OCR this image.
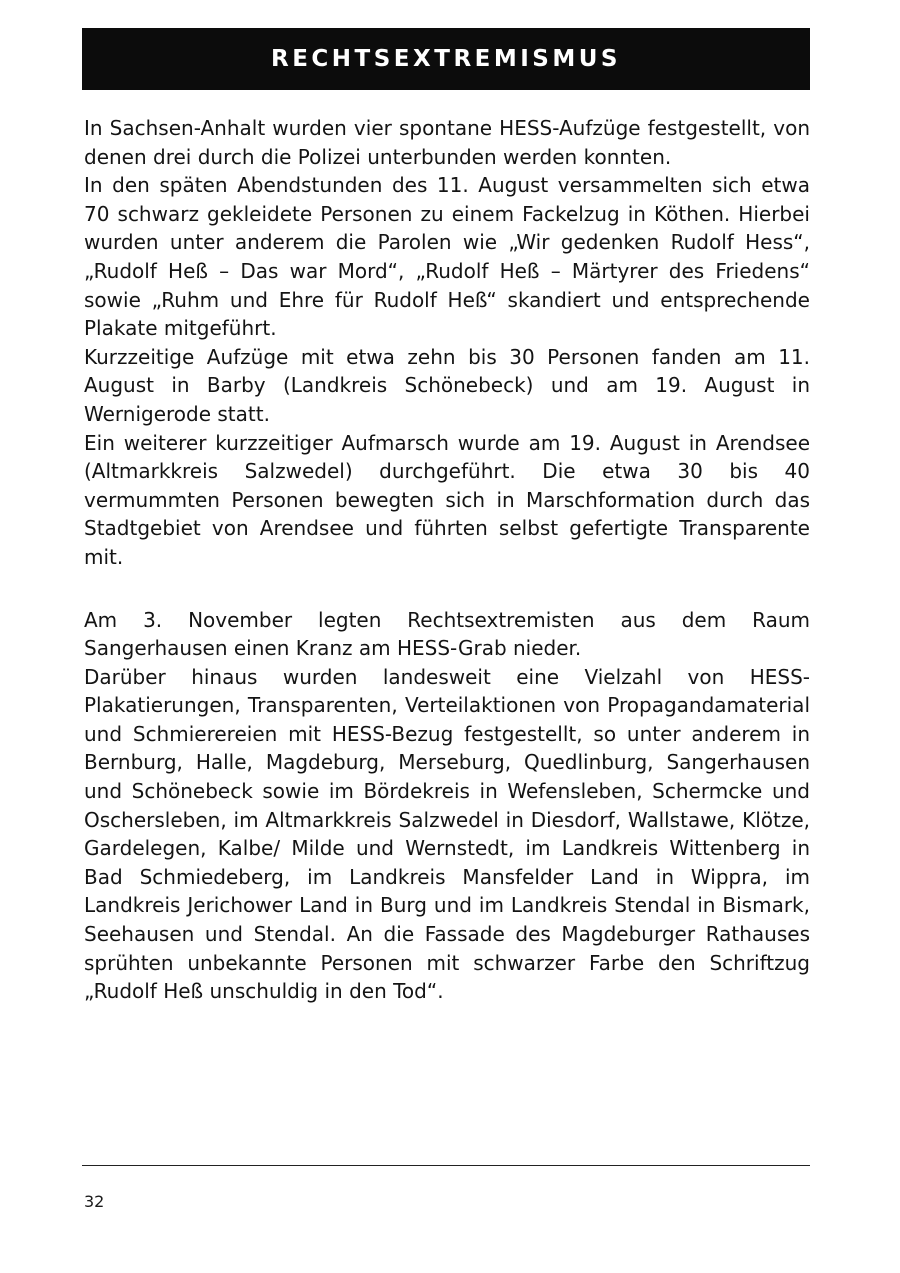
RECHTSEXTREMISMUS

In Sachsen-Anhalt wurden vier spontane HESS-Aufzüge festgestellt, von denen drei durch die Polizei unterbunden werden konnten.

In den späten Abendstunden des 11. August versammelten sich etwa 70 schwarz gekleidete Personen zu einem Fackelzug in Köthen. Hierbei wurden unter anderem die Parolen wie „Wir gedenken Rudolf Hess“, „Rudolf Heß – Das war Mord“, „Rudolf Heß – Märtyrer des Friedens“ sowie „Ruhm und Ehre für Rudolf Heß“ skandiert und entsprechende Plakate mitgeführt.

Kurzzeitige Aufzüge mit etwa zehn bis 30 Personen fanden am 11. August in Barby (Landkreis Schönebeck) und am 19. August in Wernigerode statt.

Ein weiterer kurzzeitiger Aufmarsch wurde am 19. August in Arendsee (Altmarkkreis Salzwedel) durchgeführt. Die etwa 30 bis 40 vermummten Personen bewegten sich in Marschformation durch das Stadtgebiet von Arendsee und führten selbst gefertigte Transparente mit.

Am 3. November legten Rechtsextremisten aus dem Raum Sangerhausen einen Kranz am HESS-Grab nieder.

Darüber hinaus wurden landesweit eine Vielzahl von HESS-Plakatierungen, Transparenten, Verteilaktionen von Propagandamaterial und Schmierereien mit HESS-Bezug festgestellt, so unter anderem in Bernburg, Halle, Magdeburg, Merseburg, Quedlinburg, Sangerhausen und Schönebeck sowie im Bördekreis in Wefensleben, Schermcke und Oschersleben, im Altmarkkreis Salzwedel in Diesdorf, Wallstawe, Klötze, Gardelegen, Kalbe/ Milde und Wernstedt, im Landkreis Wittenberg in Bad Schmiedeberg, im Landkreis Mansfelder Land in Wippra, im Landkreis Jerichower Land in Burg und im Landkreis Stendal in Bismark, Seehausen und Stendal. An die Fassade des Magdeburger Rathauses sprühten unbekannte Personen mit schwarzer Farbe den Schriftzug „Rudolf Heß unschuldig in den Tod“.

32
